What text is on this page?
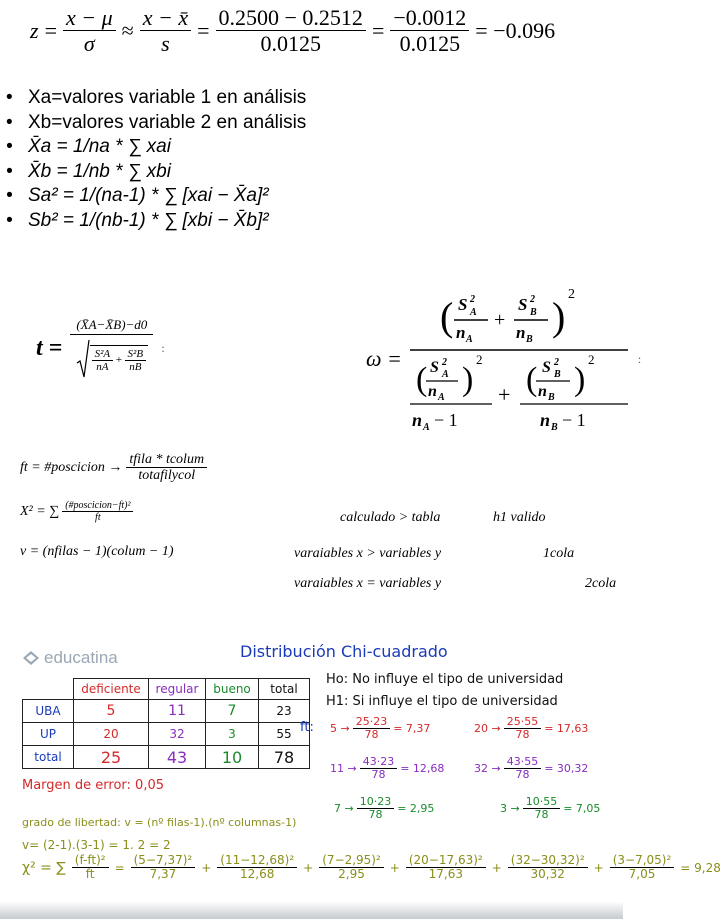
$z = \frac{x - \mu}{\sigma} \approx \frac{x - x̄}{s} = \frac{0.2500 - 0.2512}{0.0125} = \frac{-0.0012}{0.0125} = -0.096$
• Xa=valores variable 1 en análisis
• Xb=valores variable 2 en análisis
• X̄a = 1/na * ∑ xai
• X̄b = 1/nb * ∑ xbi
• Sa² = 1/(na-1) * ∑ [xai − X̄a]²
• Sb² = 1/(nb-1) * ∑ [xbi − X̄b]²
t =
(X̄A−X̄B)−d0
$\frac{\text{S²A}}{nA} + \frac{\text{S²B}}{nB}$ :	ω =
( S 2
A
n A
+
S 2
B
n B
) 2
( S 2
A
n A )
2
n A − 1
+ ( S 2
B
n B )
2
n B − 1
:
ft = #poscicion → $\frac{\text{tfila * tcolum}}{\text{totafilycol}}$
X² = ∑ $\frac{\text{(\#poscicion−ft)²}}{ft}$
v = (nfilas − 1)(colum − 1)
calculado > tabla	h1 valido
varaiables x > variables y	1cola
varaiables x = variables y	2cola
educatina	Distribución Chi-cuadrado
	deficiente	regular	bueno	total
UBA	5	11	7	23
UP	20	32	3	55
total	25	43	10	78
Ho: No influye el tipo de universidad
H1: Si influye el tipo de universidad
ft: $5 \to \frac{25\cdot 23}{78} = 7,37$	$20 \to \frac{25\cdot 55}{78} = 17,63$
$11 \to \frac{43\cdot 23}{78} = 12,68$	$32 \to \frac{43\cdot 55}{78} = 30,32$
$7 \to \frac{10\cdot 23}{78} = 2,95$	$3 \to \frac{10\cdot 55}{78} = 7,05$
Margen de error: 0,05
grado de libertad: v = (nº filas-1).(nº columnas-1)
v= (2-1).(3-1) = 1. 2 = 2
χ² = ∑ $\frac{\text{(f-ft)²}}{ft} = \frac{\text{(5−7,37)²}}{7,37} + \frac{\text{(11−12,68)²}}{12,68} + \frac{\text{(7−2,95)²}}{2,95} + \frac{\text{(20−17,63)²}}{17,63} + \frac{\text{(32−30,32)²}}{30,32} + \frac{\text{(3−7,05)²}}{7,05} = 9,28$
